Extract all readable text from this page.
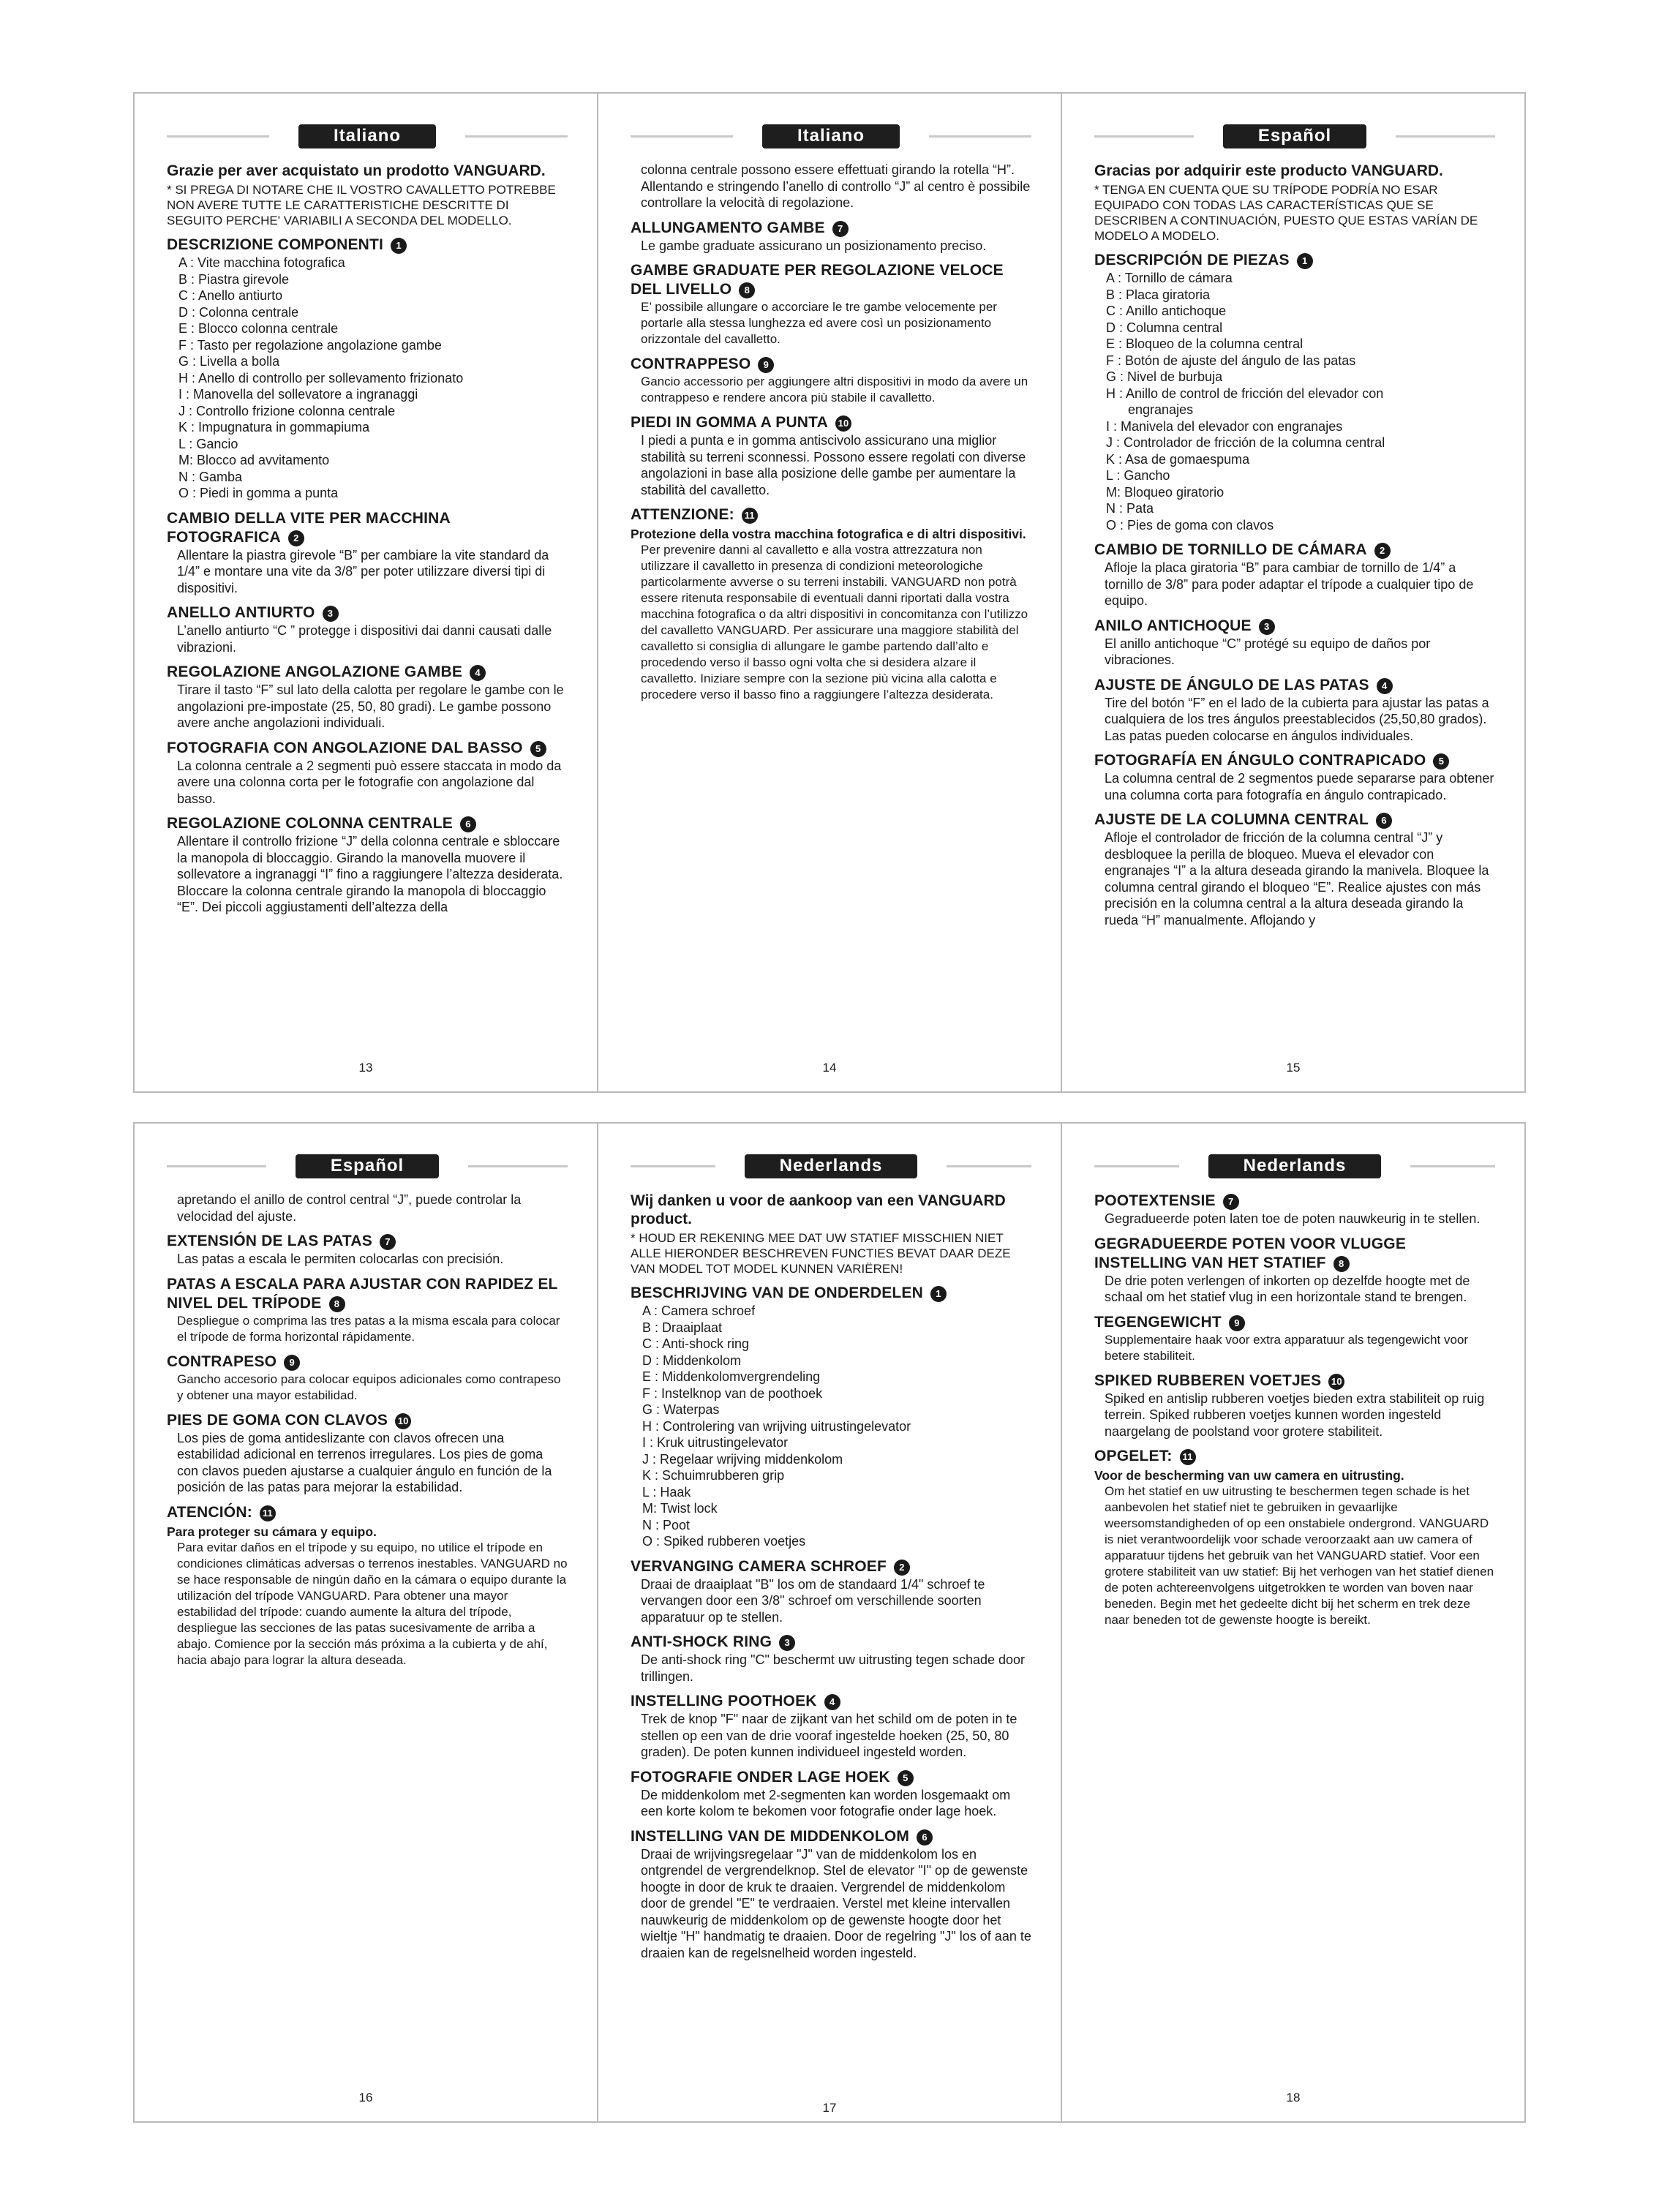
Italiano
Grazie per aver acquistato un prodotto VANGUARD.
* SI PREGA DI NOTARE CHE IL VOSTRO CAVALLETTO POTREBBE NON AVERE TUTTE LE CARATTERISTICHE DESCRITTE DI SEGUITO PERCHE' VARIABILI A SECONDA DEL MODELLO.
DESCRIZIONE COMPONENTI 1
A : Vite macchina fotografica
B : Piastra girevole
C : Anello antiurto
D : Colonna centrale
E : Blocco colonna centrale
F : Tasto per regolazione angolazione gambe
G : Livella a bolla
H : Anello di controllo per sollevamento frizionato
I : Manovella del sollevatore a ingranaggi
J : Controllo frizione colonna centrale
K : Impugnatura in gommapiuma
L : Gancio
M: Blocco ad avvitamento
N : Gamba
O : Piedi in gomma a punta
CAMBIO DELLA VITE PER MACCHINA FOTOGRAFICA 2
Allentare la piastra girevole “B” per cambiare la vite standard da 1/4” e montare una vite da 3/8” per poter utilizzare diversi tipi di dispositivi.
ANELLO ANTIURTO 3
L’anello antiurto “C ” protegge i dispositivi dai danni causati dalle vibrazioni.
REGOLAZIONE ANGOLAZIONE GAMBE 4
Tirare il tasto “F” sul lato della calotta per regolare le gambe con le angolazioni pre-impostate (25, 50, 80 gradi). Le gambe possono avere anche angolazioni individuali.
FOTOGRAFIA CON ANGOLAZIONE DAL BASSO 5
La colonna centrale a 2 segmenti può essere staccata in modo da avere una colonna corta per le fotografie con angolazione dal basso.
REGOLAZIONE COLONNA CENTRALE 6
Allentare il controllo frizione “J” della colonna centrale e sbloccare la manopola di bloccaggio. Girando la manovella muovere il sollevatore a ingranaggi “I” fino a raggiungere l’altezza desiderata. Bloccare la colonna centrale girando la manopola di bloccaggio “E”. Dei piccoli aggiustamenti dell’altezza della
13
Italiano
colonna centrale possono essere effettuati girando la rotella “H”. Allentando e stringendo l’anello di controllo “J” al centro è possibile controllare la velocità di regolazione.
ALLUNGAMENTO GAMBE 7
Le gambe graduate assicurano un posizionamento preciso.
GAMBE GRADUATE PER REGOLAZIONE VELOCE DEL LIVELLO 8
E’ possibile allungare o accorciare le tre gambe velocemente per portarle alla stessa lunghezza ed avere così un posizionamento orizzontale del cavalletto.
CONTRAPPESO 9
Gancio accessorio per aggiungere altri dispositivi in modo da avere un contrappeso e rendere ancora più stabile il cavalletto.
PIEDI IN GOMMA A PUNTA 10
I piedi a punta e in gomma antiscivolo assicurano una miglior stabilità su terreni sconnessi. Possono essere regolati con diverse angolazioni in base alla posizione delle gambe per aumentare la stabilità del cavalletto.
ATTENZIONE: 11
Protezione della vostra macchina fotografica e di altri dispositivi.
Per prevenire danni al cavalletto e alla vostra attrezzatura non utilizzare il cavalletto in presenza di condizioni meteorologiche particolarmente avverse o su terreni instabili. VANGUARD non potrà essere ritenuta responsabile di eventuali danni riportati dalla vostra macchina fotografica o da altri dispositivi in concomitanza con l’utilizzo del cavalletto VANGUARD. Per assicurare una maggiore stabilità del cavalletto si consiglia di allungare le gambe partendo dall’alto e procedendo verso il basso ogni volta che si desidera alzare il cavalletto. Iniziare sempre con la sezione più vicina alla calotta e procedere verso il basso fino a raggiungere l’altezza desiderata.
14
Español
Gracias por adquirir este producto VANGUARD.
* TENGA EN CUENTA QUE SU TRÍPODE PODRÍA NO ESAR EQUIPADO CON TODAS LAS CARACTERÍSTICAS QUE SE DESCRIBEN A CONTINUACIÓN, PUESTO QUE ESTAS VARÍAN DE MODELO A MODELO.
DESCRIPCIÓN DE PIEZAS 1
A : Tornillo de cámara
B : Placa giratoria
C : Anillo antichoque
D : Columna central
E : Bloqueo de la columna central
F : Botón de ajuste del ángulo de las patas
G : Nivel de burbuja
H : Anillo de control de fricción del elevador con
engranajes
I : Manivela del elevador con engranajes
J : Controlador de fricción de la columna central
K : Asa de gomaespuma
L : Gancho
M: Bloqueo giratorio
N : Pata
O : Pies de goma con clavos
CAMBIO DE TORNILLO DE CÁMARA 2
Afloje la placa giratoria “B” para cambiar de tornillo de 1/4” a tornillo de 3/8” para poder adaptar el trípode a cualquier tipo de equipo.
ANILO ANTICHOQUE 3
El anillo antichoque “C” protégé su equipo de daños por vibraciones.
AJUSTE DE ÁNGULO DE LAS PATAS 4
Tire del botón “F” en el lado de la cubierta para ajustar las patas a cualquiera de los tres ángulos preestablecidos (25,50,80 grados). Las patas pueden colocarse en ángulos individuales.
FOTOGRAFÍA EN ÁNGULO CONTRAPICADO 5
La columna central de 2 segmentos puede separarse para obtener una columna corta para fotografía en ángulo contrapicado.
AJUSTE DE LA COLUMNA CENTRAL 6
Afloje el controlador de fricción de la columna central “J” y desbloquee la perilla de bloqueo. Mueva el elevador con engranajes “I” a la altura deseada girando la manivela. Bloquee la columna central girando el bloqueo “E”. Realice ajustes con más precisión en la columna central a la altura deseada girando la rueda “H” manualmente. Aflojando y
15
Español
apretando el anillo de control central “J”, puede controlar la velocidad del ajuste.
EXTENSIÓN DE LAS PATAS 7
Las patas a escala le permiten colocarlas con precisión.
PATAS A ESCALA PARA AJUSTAR CON RAPIDEZ EL NIVEL DEL TRÍPODE 8
Despliegue o comprima las tres patas a la misma escala para colocar el trípode de forma horizontal rápidamente.
CONTRAPESO 9
Gancho accesorio para colocar equipos adicionales como contrapeso y obtener una mayor estabilidad.
PIES DE GOMA CON CLAVOS 10
Los pies de goma antideslizante con clavos ofrecen una estabilidad adicional en terrenos irregulares. Los pies de goma con clavos pueden ajustarse a cualquier ángulo en función de la posición de las patas para mejorar la estabilidad.
ATENCIÓN: 11
Para proteger su cámara y equipo.
Para evitar daños en el trípode y su equipo, no utilice el trípode en condiciones climáticas adversas o terrenos inestables. VANGUARD no se hace responsable de ningún daño en la cámara o equipo durante la utilización del trípode VANGUARD. Para obtener una mayor estabilidad del trípode: cuando aumente la altura del trípode, despliegue las secciones de las patas sucesivamente de arriba a abajo. Comience por la sección más próxima a la cubierta y de ahí, hacia abajo para lograr la altura deseada.
16
Nederlands
Wij danken u voor de aankoop van een VANGUARD product.
* HOUD ER REKENING MEE DAT UW STATIEF MISSCHIEN NIET ALLE HIERONDER BESCHREVEN FUNCTIES BEVAT DAAR DEZE VAN MODEL TOT MODEL KUNNEN VARIËREN!
BESCHRIJVING VAN DE ONDERDELEN 1
A : Camera schroef
B : Draaiplaat
C : Anti-shock ring
D : Middenkolom
E : Middenkolomvergrendeling
F : Instelknop van de poothoek
G : Waterpas
H : Controlering van wrijving uitrustingelevator
I : Kruk uitrustingelevator
J : Regelaar wrijving middenkolom
K : Schuimrubberen grip
L : Haak
M: Twist lock
N : Poot
O : Spiked rubberen voetjes
VERVANGING CAMERA SCHROEF 2
Draai de draaiplaat "B" los om de standaard 1/4" schroef te vervangen door een 3/8" schroef om verschillende soorten apparatuur op te stellen.
ANTI-SHOCK RING 3
De anti-shock ring "C" beschermt uw uitrusting tegen schade door trillingen.
INSTELLING POOTHOEK 4
Trek de knop "F" naar de zijkant van het schild om de poten in te stellen op een van de drie vooraf ingestelde hoeken (25, 50, 80 graden). De poten kunnen individueel ingesteld worden.
FOTOGRAFIE ONDER LAGE HOEK 5
De middenkolom met 2-segmenten kan worden losgemaakt om een korte kolom te bekomen voor fotografie onder lage hoek.
INSTELLING VAN DE MIDDENKOLOM 6
Draai de wrijvingsregelaar "J" van de middenkolom los en ontgrendel de vergrendelknop. Stel de elevator "I" op de gewenste hoogte in door de kruk te draaien. Vergrendel de middenkolom door de grendel "E" te verdraaien. Verstel met kleine intervallen nauwkeurig de middenkolom op de gewenste hoogte door het wieltje "H" handmatig te draaien. Door de regelring "J" los of aan te draaien kan de regelsnelheid worden ingesteld.
17
Nederlands
POOTEXTENSIE 7
Gegradueerde poten laten toe de poten nauwkeurig in te stellen.
GEGRADUEERDE POTEN VOOR VLUGGE INSTELLING VAN HET STATIEF 8
De drie poten verlengen of inkorten op dezelfde hoogte met de schaal om het statief vlug in een horizontale stand te brengen.
TEGENGEWICHT 9
Supplementaire haak voor extra apparatuur als tegengewicht voor betere stabiliteit.
SPIKED RUBBEREN VOETJES 10
Spiked en antislip rubberen voetjes bieden extra stabiliteit op ruig terrein. Spiked rubberen voetjes kunnen worden ingesteld naargelang de poolstand voor grotere stabiliteit.
OPGELET: 11
Voor de bescherming van uw camera en uitrusting.
Om het statief en uw uitrusting te beschermen tegen schade is het aanbevolen het statief niet te gebruiken in gevaarlijke weersomstandigheden of op een onstabiele ondergrond. VANGUARD is niet verantwoordelijk voor schade veroorzaakt aan uw camera of apparatuur tijdens het gebruik van het VANGUARD statief. Voor een grotere stabiliteit van uw statief: Bij het verhogen van het statief dienen de poten achtereenvolgens uitgetrokken te worden van boven naar beneden. Begin met het gedeelte dicht bij het scherm en trek deze naar beneden tot de gewenste hoogte is bereikt.
18
